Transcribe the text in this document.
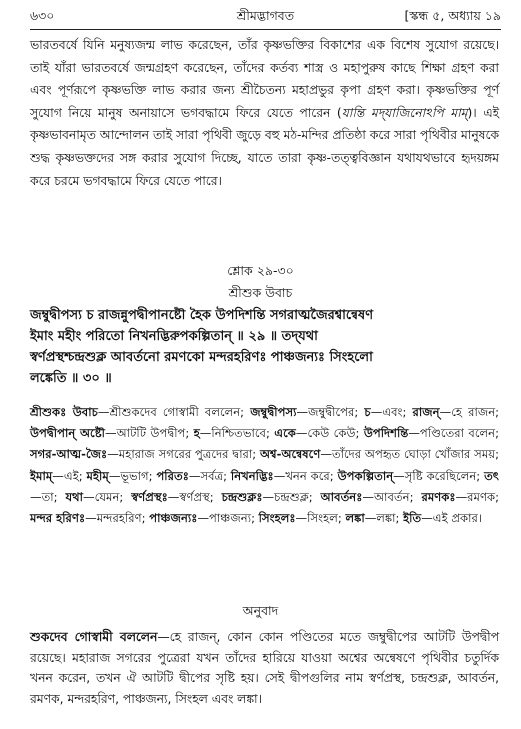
৬৩০	শ্রীমদ্ভাগবত	[স্কন্ধ ৫, অধ্যায় ১৯
ভারতবর্ষে যিনি মনুষ্যজন্ম লাভ করেছেন, তাঁর কৃষ্ণভক্তির বিকাশের এক বিশেষ সুযোগ রয়েছে। তাই যাঁরা ভারতবর্ষে জন্মগ্রহণ করেছেন, তাঁদের কর্তব্য শাস্ত্র ও মহাপুরুষ কাছে শিক্ষা গ্রহণ করা এবং পূর্ণরূপে কৃষ্ণভক্তি লাভ করার জন্য শ্রীচৈতন্য মহাপ্রভুর কৃপা গ্রহণ করা। কৃষ্ণভক্তির পূর্ণ সুযোগ নিয়ে মানুষ অনায়াসে ভগবদ্ধামে ফিরে যেতে পারেন (যান্তি মদ্‌যাজিনোঽপি মাম্‌)। এই কৃষ্ণভাবনামৃত আন্দোলন তাই সারা পৃথিবী জুড়ে বহু মঠ-মন্দির প্রতিষ্ঠা করে সারা পৃথিবীর মানুষকে শুদ্ধ কৃষ্ণভক্তদের সঙ্গ করার সুযোগ দিচ্ছে, যাতে তারা কৃষ্ণ-তত্ত্ববিজ্ঞান যথাযথভাবে হৃদয়ঙ্গম করে চরমে ভগবদ্ধামে ফিরে যেতে পারে।
শ্লোক ২৯-৩০
শ্রীশুক উবাচ
জম্বুদ্বীপস্য চ রাজন্নুপদ্বীপানষ্টৌ হৈক উপদিশন্তি সগরাত্মজৈরশ্বান্বেষণ
ইমাং মহীং পরিতো নিখনদ্ভিরুপকল্পিতান্ ॥ ২৯ ॥ তদ্‌যথা
স্বর্ণপ্রস্থশ্চন্দ্রশুক্ল আবর্তনো রমণকো মন্দরহরিণঃ পাঞ্চজন্যঃ সিংহলো
লঙ্কেতি ॥ ৩০ ॥
শ্রীশুকঃ উবাচ—শ্রীশুকদেব গোস্বামী বললেন; জম্বুদ্বীপস্য—জম্বুদ্বীপের; চ—এবং; রাজন্—হে রাজন; উপদ্বীপান্ অষ্টৌ—আটটি উপদ্বীপ; হ—নিশ্চিতভাবে; একে—কেউ কেউ; উপদিশন্তি—পণ্ডিতেরা বলেন; সগর-আত্ম-জৈঃ—মহারাজ সগরের পুত্রদের দ্বারা; অশ্ব-অন্বেষণে—তাঁদের অপহৃত ঘোড়া খোঁজার সময়; ইমাম্—এই; মহীম্—ভূভাগ; পরিতঃ—সর্বত্র; নিখনদ্ভিঃ—খনন করে; উপকল্পিতান্—সৃষ্টি করেছিলেন; তৎ—তা; যথা—যেমন; স্বর্ণপ্রস্থঃ—স্বর্ণপ্রস্থ; চন্দ্রশুক্লঃ—চন্দ্রশুক্ল; আবর্তনঃ—আবর্তন; রমণকঃ—রমণক; মন্দর হরিণঃ—মন্দরহরিণ; পাঞ্চজন্যঃ—পাঞ্চজন্য; সিংহলঃ—সিংহল; লঙ্কা—লঙ্কা; ইতি—এই প্রকার।
অনুবাদ
শুকদেব গোস্বামী বললেন—হে রাজন্, কোন কোন পণ্ডিতের মতে জম্বুদ্বীপের আটটি উপদ্বীপ রয়েছে। মহারাজ সগরের পুত্রেরা যখন তাঁদের হারিয়ে যাওয়া অশ্বের অন্বেষণে পৃথিবীর চতুর্দিক খনন করেন, তখন ঐ আটটি দ্বীপের সৃষ্টি হয়। সেই দ্বীপগুলির নাম স্বর্ণপ্রস্থ, চন্দ্রশুক্ল, আবর্তন, রমণক, মন্দরহরিণ, পাঞ্চজন্য, সিংহল এবং লঙ্কা।
